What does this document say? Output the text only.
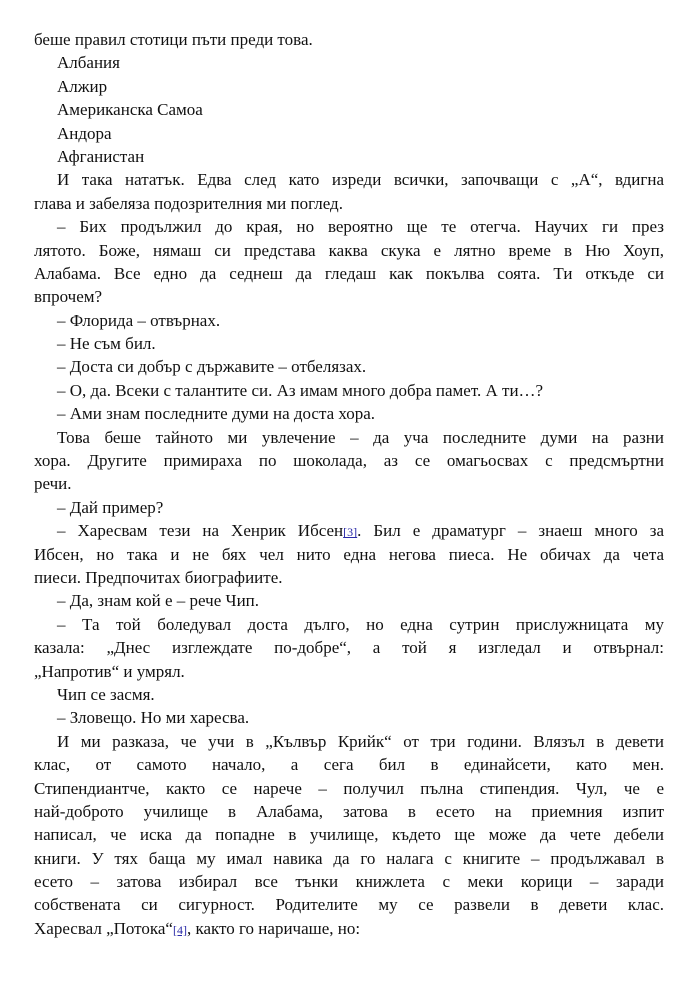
беше правил стотици пъти преди това.
Албания
Алжир
Американска Самоа
Андора
Афганистан
И така нататък. Едва след като изреди всички, започващи с „А“, вдигна
глава и забеляза подозрителния ми поглед.
– Бих продължил до края, но вероятно ще те отегча. Научих ги през
лятото. Боже, нямаш си представа каква скука е лятно време в Ню Хоуп,
Алабама. Все едно да седнеш да гледаш как покълва соята. Ти откъде си
впрочем?
– Флорида – отвърнах.
– Не съм бил.
– Доста си добър с държавите – отбелязах.
– О, да. Всеки с талантите си. Аз имам много добра памет. А ти…?
– Ами знам последните думи на доста хора.
Това беше тайното ми увлечение – да уча последните думи на разни
хора. Другите примираха по шоколада, аз се омагьосвах с предсмъртни
речи.
– Дай пример?
– Харесвам тези на Хенрик Ибсен[3]. Бил е драматург – знаеш много за
Ибсен, но така и не бях чел нито една негова пиеса. Не обичах да чета
пиеси. Предпочитах биографиите.
– Да, знам кой е – рече Чип.
– Та той боледувал доста дълго, но една сутрин прислужницата му
казала: „Днес изглеждате по-добре“, а той я изгледал и отвърнал:
„Напротив“ и умрял.
Чип се засмя.
– Зловещо. Но ми харесва.
И ми разказа, че учи в „Кълвър Крийк“ от три години. Влязъл в девети
клас, от самото начало, а сега бил в единайсети, като мен.
Стипендиантче, както се нарече – получил пълна стипендия. Чул, че е
най-доброто училище в Алабама, затова в есето на приемния изпит
написал, че иска да попадне в училище, където ще може да чете дебели
книги. У тях баща му имал навика да го налага с книгите – продължавал в
есето – затова избирал все тънки книжлета с меки корици – заради
собствената си сигурност. Родителите му се развели в девети клас.
Харесвал „Потока“[4], както го наричаше, но:
